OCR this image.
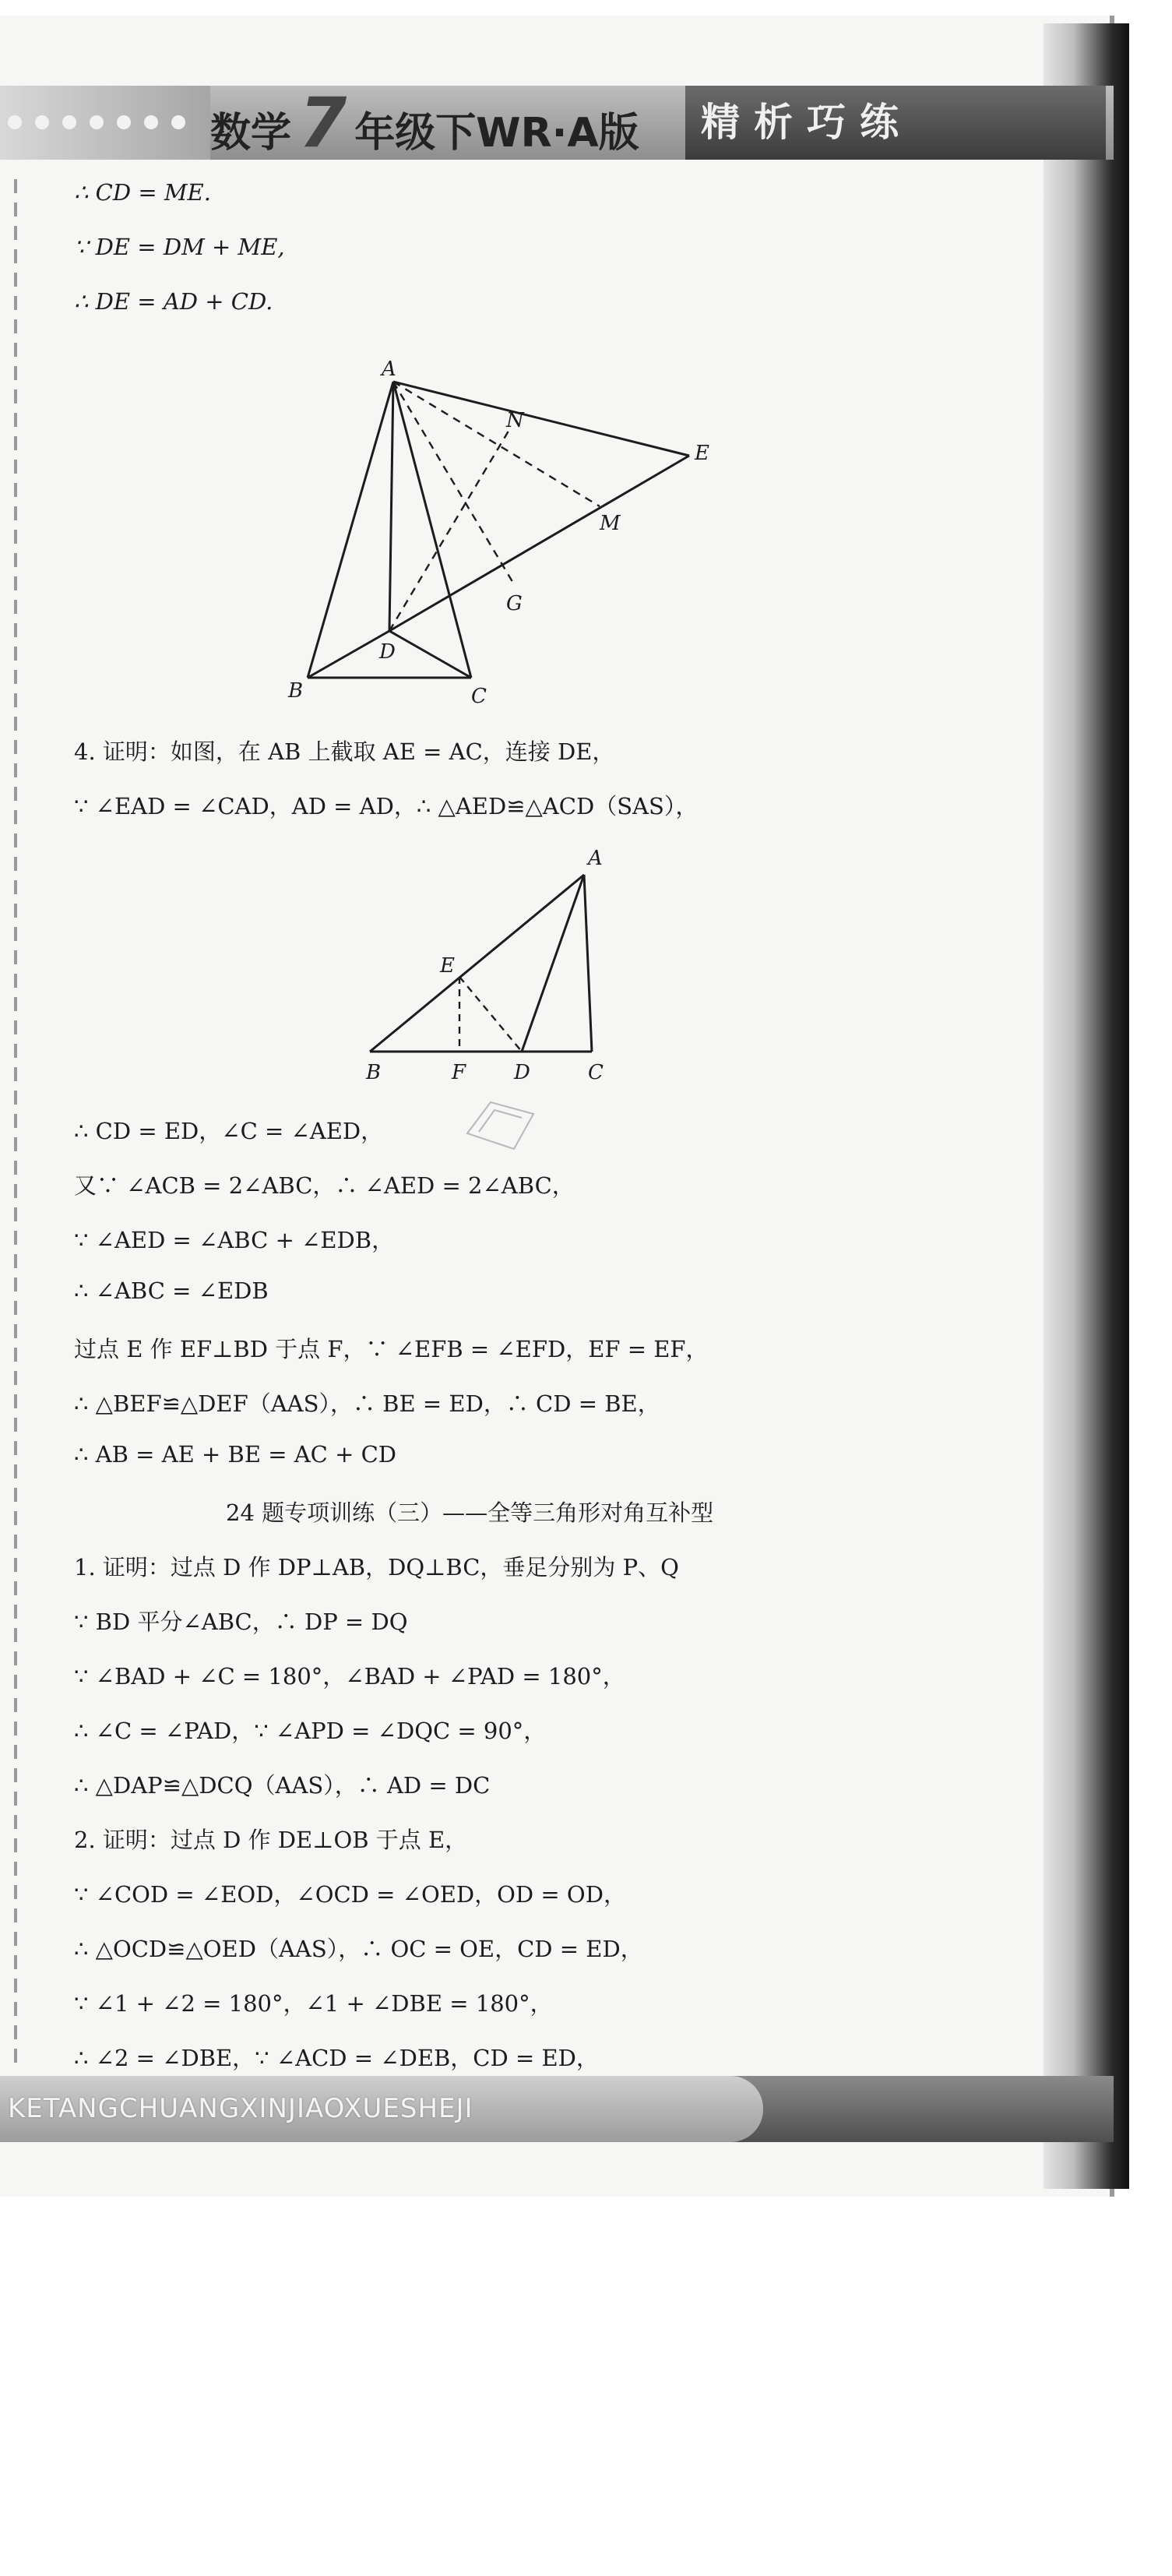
数学 7 年级下WR·A版	精析巧练
∴ CD = ME.
∵ DE = DM + ME,
∴ DE = AD + CD.
A
N
E
M
G
D
B	C
4. 证明：如图，在 AB 上截取 AE = AC，连接 DE，
∵ ∠EAD = ∠CAD，AD = AD，∴ △AED≌△ACD（SAS），
A
E
B	F D	C
∴ CD = ED，∠C = ∠AED，
又∵ ∠ACB = 2∠ABC，∴ ∠AED = 2∠ABC，
∵ ∠AED = ∠ABC + ∠EDB，
∴ ∠ABC = ∠EDB
过点 E 作 EF⊥BD 于点 F，∵ ∠EFB = ∠EFD，EF = EF，
∴ △BEF≌△DEF（AAS），∴ BE = ED，∴ CD = BE，
∴ AB = AE + BE = AC + CD
24 题专项训练（三）——全等三角形对角互补型
1. 证明：过点 D 作 DP⊥AB，DQ⊥BC，垂足分别为 P、Q
∵ BD 平分∠ABC，∴ DP = DQ
∵ ∠BAD + ∠C = 180°，∠BAD + ∠PAD = 180°，
∴ ∠C = ∠PAD，∵ ∠APD = ∠DQC = 90°，
∴ △DAP≌△DCQ（AAS），∴ AD = DC
2. 证明：过点 D 作 DE⊥OB 于点 E，
∵ ∠COD = ∠EOD，∠OCD = ∠OED，OD = OD，
∴ △OCD≌△OED（AAS），∴ OC = OE，CD = ED，
∵ ∠1 + ∠2 = 180°，∠1 + ∠DBE = 180°，
∴ ∠2 = ∠DBE，∵ ∠ACD = ∠DEB，CD = ED，
KETANGCHUANGXINJIAOXUESHEJI
